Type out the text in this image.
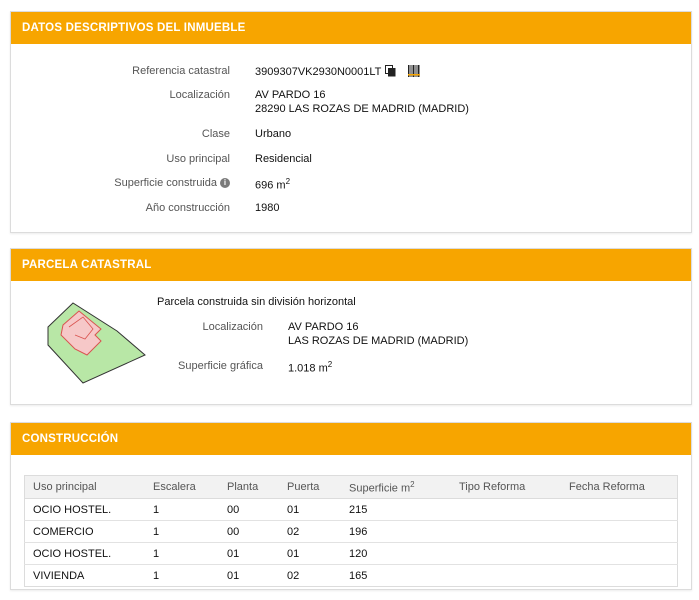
DATOS DESCRIPTIVOS DEL INMUEBLE
Referencia catastral 3909307VK2930N0001LT
Localización AV PARDO 16
28290 LAS ROZAS DE MADRID (MADRID)
Clase Urbano
Uso principal Residencial
Superficie construida i	696 $m^2$
Año construcción 1980
PARCELA CATASTRAL
Parcela construida sin división horizontal
Localización AV PARDO 16
LAS ROZAS DE MADRID (MADRID)
Superficie gráfica 1.018 $m^2$
CONSTRUCCIÓN
Uso principal	Escalera	Planta	Puerta	Superficie $m^2$	Tipo Reforma	Fecha Reforma
OCIO HOSTEL.	1	00	01	215		
COMERCIO	1	00	02	196		
OCIO HOSTEL.	1	01	01	120		
VIVIENDA	1	01	02	165		
